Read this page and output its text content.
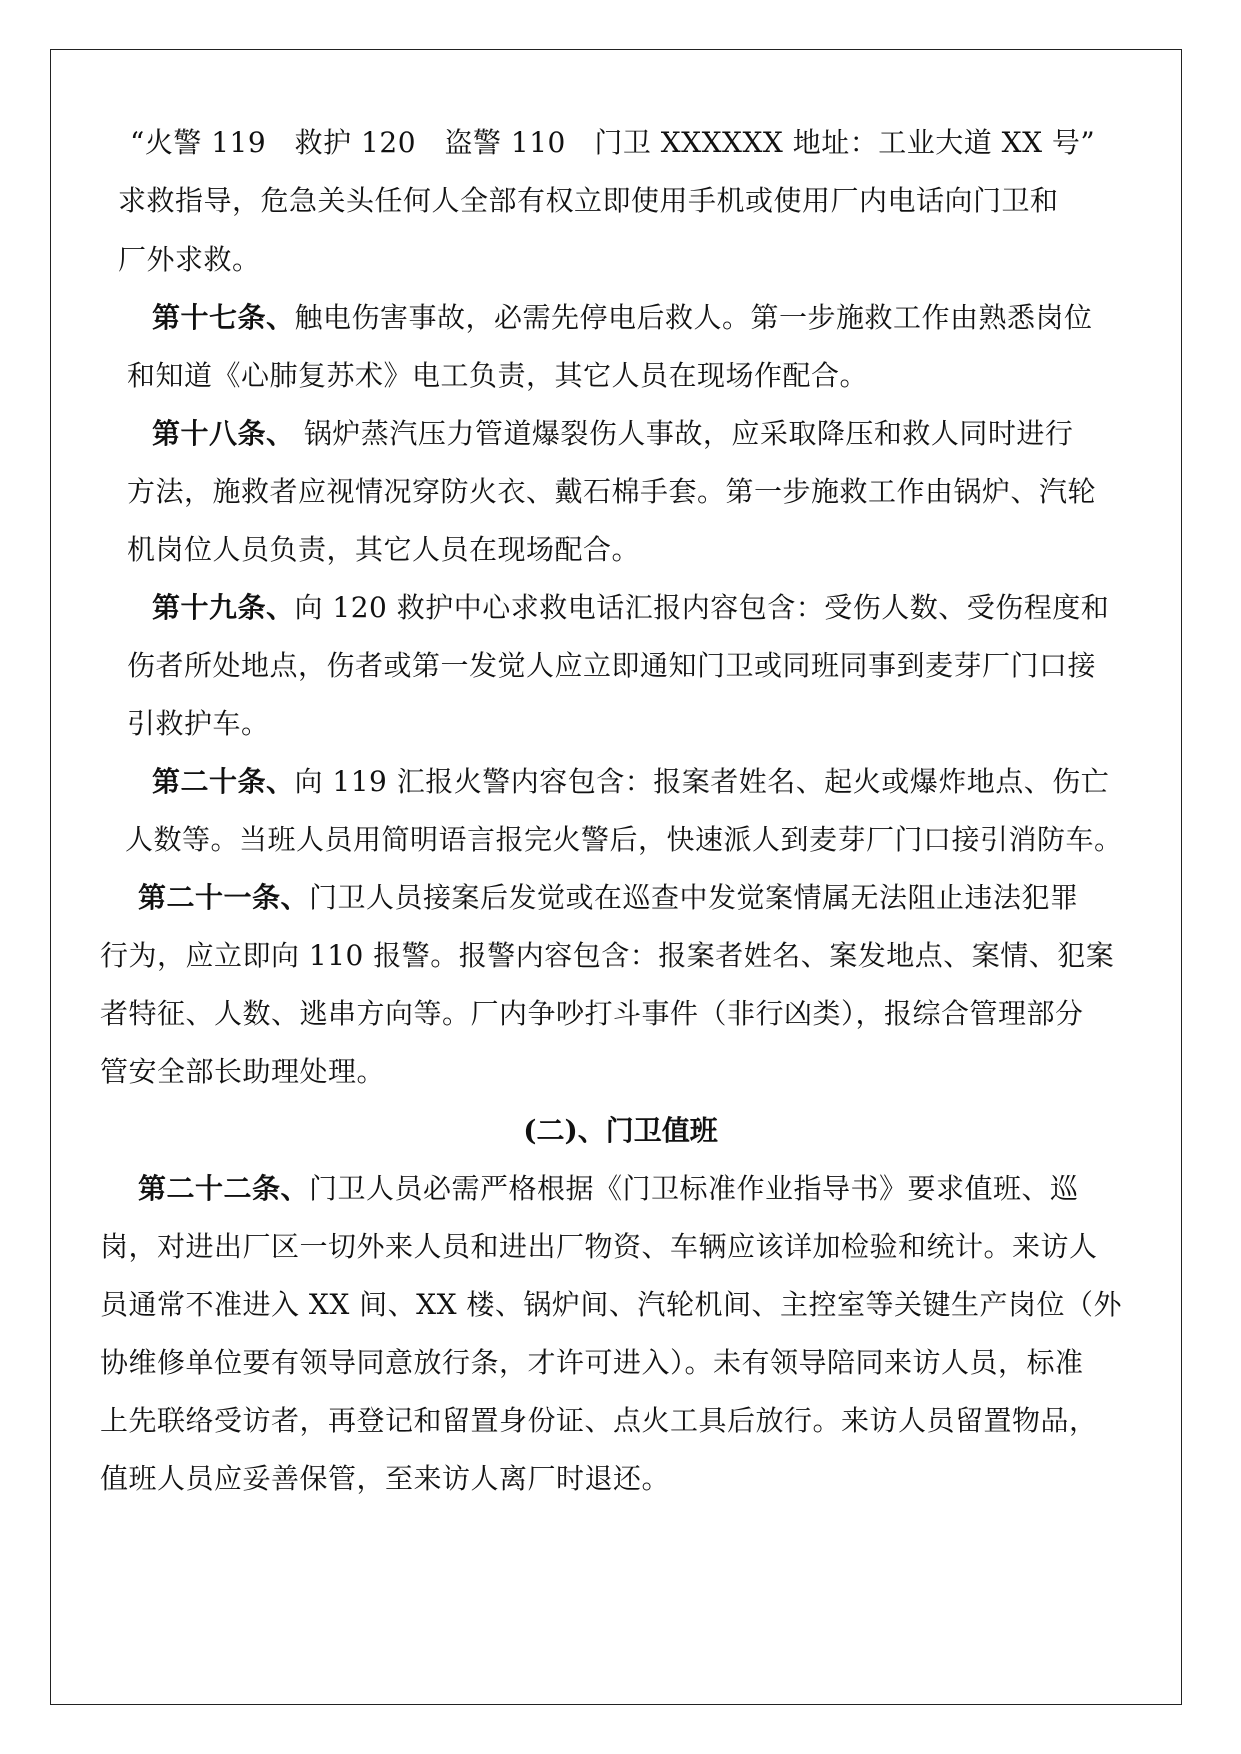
“火警 119　救护 120　盗警 110　门卫 XXXXXX 地址：工业大道 XX 号”
求救指导，危急关头任何人全部有权立即使用手机或使用厂内电话向门卫和
厂外求救。
第十七条、触电伤害事故，必需先停电后救人。第一步施救工作由熟悉岗位
和知道《心肺复苏术》电工负责，其它人员在现场作配合。
第十八条、 锅炉蒸汽压力管道爆裂伤人事故，应采取降压和救人同时进行
方法，施救者应视情况穿防火衣、戴石棉手套。第一步施救工作由锅炉、汽轮
机岗位人员负责，其它人员在现场配合。
第十九条、向 120 救护中心求救电话汇报内容包含：受伤人数、受伤程度和
伤者所处地点，伤者或第一发觉人应立即通知门卫或同班同事到麦芽厂门口接
引救护车。
第二十条、向 119 汇报火警内容包含：报案者姓名、起火或爆炸地点、伤亡
人数等。当班人员用简明语言报完火警后，快速派人到麦芽厂门口接引消防车。
第二十一条、门卫人员接案后发觉或在巡查中发觉案情属无法阻止违法犯罪
行为，应立即向 110 报警。报警内容包含：报案者姓名、案发地点、案情、犯案
者特征、人数、逃串方向等。厂内争吵打斗事件（非行凶类），报综合管理部分
管安全部长助理处理。
(二)、门卫值班
第二十二条、门卫人员必需严格根据《门卫标准作业指导书》要求值班、巡
岗，对进出厂区一切外来人员和进出厂物资、车辆应该详加检验和统计。来访人
员通常不准进入 XX 间、XX 楼、锅炉间、汽轮机间、主控室等关键生产岗位（外
协维修单位要有领导同意放行条，才许可进入）。未有领导陪同来访人员，标准
上先联络受访者，再登记和留置身份证、点火工具后放行。来访人员留置物品，
值班人员应妥善保管，至来访人离厂时退还。
